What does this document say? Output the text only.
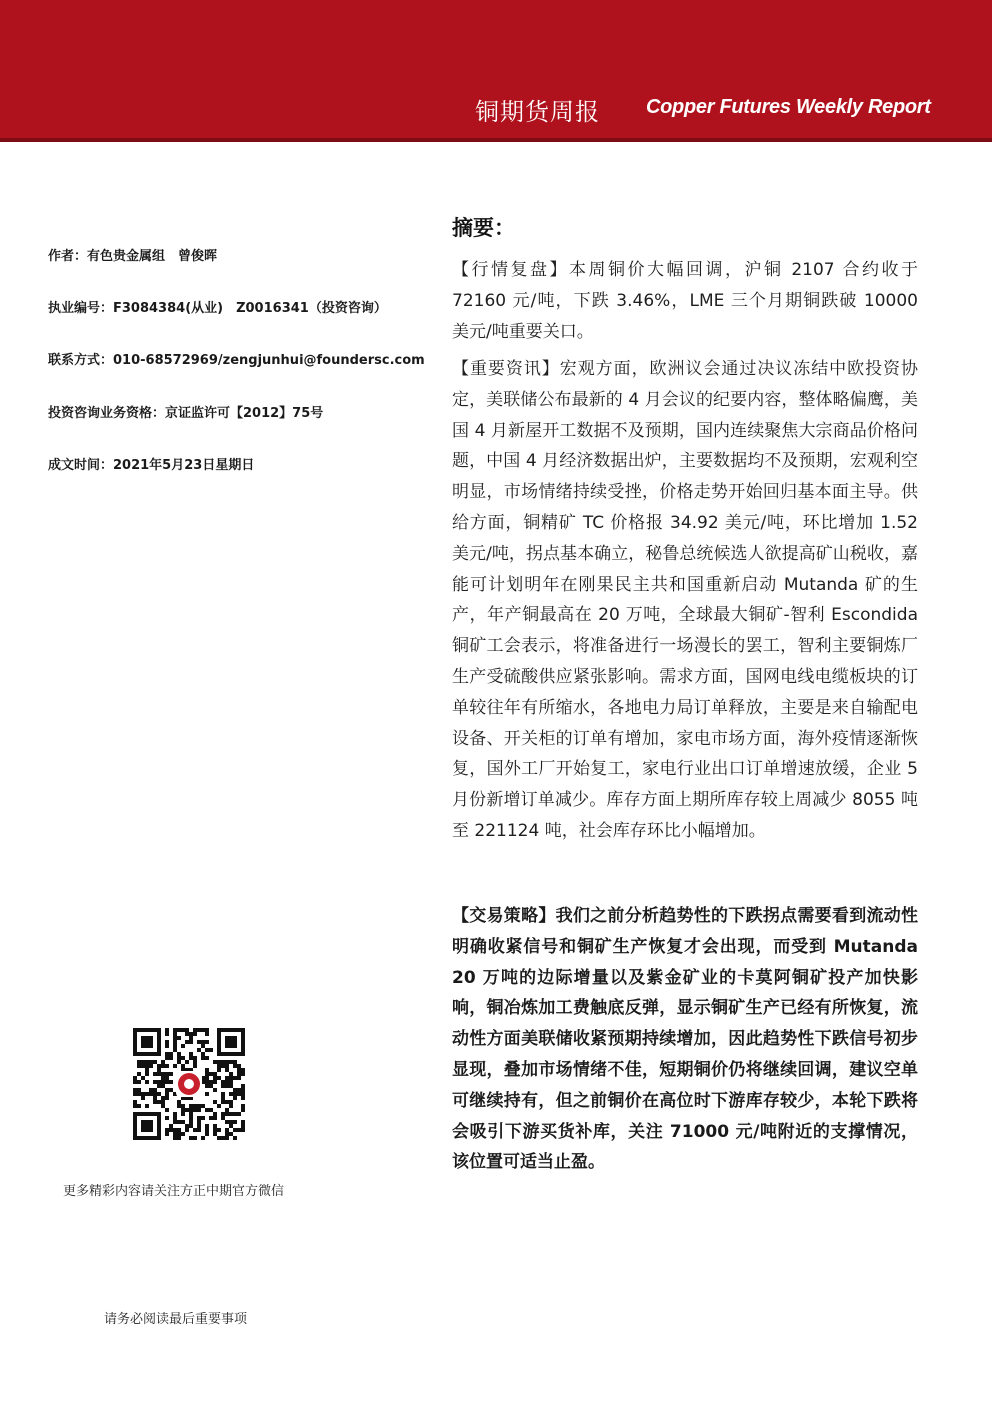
铜期货周报 Copper Futures Weekly Report
作者：有色贵金属组　曾俊晖
执业编号：F3084384(从业)　Z0016341（投资咨询）
联系方式：010-68572969/zengjunhui@foundersc.com
投资咨询业务资格：京证监许可【2012】75号
成文时间：2021年5月23日星期日
更多精彩内容请关注方正中期官方微信
请务必阅读最后重要事项
摘要：
【行情复盘】本周铜价大幅回调，沪铜 2107 合约收于 72160 元/吨，下跌 3.46%，LME 三个月期铜跌破 10000 美元/吨重要关口。
【重要资讯】宏观方面，欧洲议会通过决议冻结中欧投资协定，美联储公布最新的 4 月会议的纪要内容，整体略偏鹰，美国 4 月新屋开工数据不及预期，国内连续聚焦大宗商品价格问题，中国 4 月经济数据出炉，主要数据均不及预期，宏观利空明显，市场情绪持续受挫，价格走势开始回归基本面主导。供给方面，铜精矿 TC 价格报 34.92 美元/吨，环比增加 1.52 美元/吨，拐点基本确立，秘鲁总统候选人欲提高矿山税收，嘉能可计划明年在刚果民主共和国重新启动 Mutanda 矿的生产，年产铜最高在 20 万吨，全球最大铜矿-智利 Escondida 铜矿工会表示，将准备进行一场漫长的罢工，智利主要铜炼厂生产受硫酸供应紧张影响。需求方面，国网电线电缆板块的订单较往年有所缩水，各地电力局订单释放，主要是来自输配电设备、开关柜的订单有增加，家电市场方面，海外疫情逐渐恢复，国外工厂开始复工，家电行业出口订单增速放缓，企业 5 月份新增订单减少。库存方面上期所库存较上周减少 8055 吨至 221124 吨，社会库存环比小幅增加。
【交易策略】我们之前分析趋势性的下跌拐点需要看到流动性明确收紧信号和铜矿生产恢复才会出现，而受到 Mutanda 20 万吨的边际增量以及紫金矿业的卡莫阿铜矿投产加快影响，铜冶炼加工费触底反弹，显示铜矿生产已经有所恢复，流动性方面美联储收紧预期持续增加，因此趋势性下跌信号初步显现，叠加市场情绪不佳，短期铜价仍将继续回调，建议空单可继续持有，但之前铜价在高位时下游库存较少，本轮下跌将会吸引下游买货补库，关注 71000 元/吨附近的支撑情况，该位置可适当止盈。
